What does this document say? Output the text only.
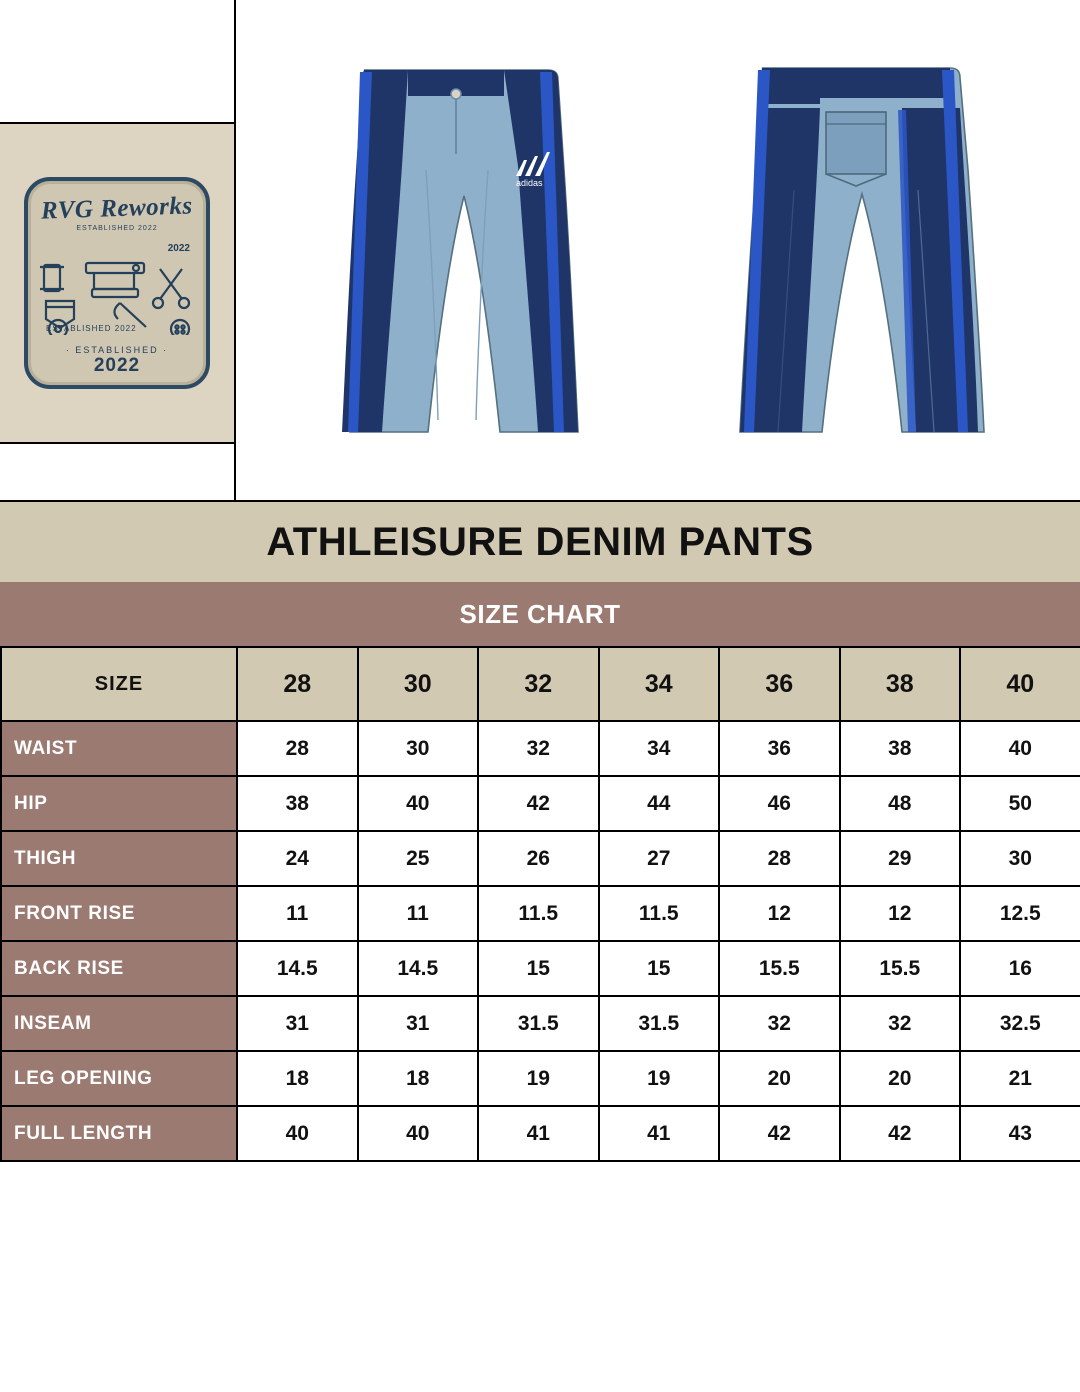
RVG Reworks
ESTABLISHED 2022
2022
ESTABLISHED 2022
· ESTABLISHED ·
2022
adidas
ATHLEISURE DENIM PANTS
SIZE CHART
SIZE	28	30	32	34	36	38	40
WAIST	28	30	32	34	36	38	40
HIP	38	40	42	44	46	48	50
THIGH	24	25	26	27	28	29	30
FRONT RISE	11	11	11.5	11.5	12	12	12.5
BACK RISE	14.5	14.5	15	15	15.5	15.5	16
INSEAM	31	31	31.5	31.5	32	32	32.5
LEG OPENING	18	18	19	19	20	20	21
FULL LENGTH	40	40	41	41	42	42	43
